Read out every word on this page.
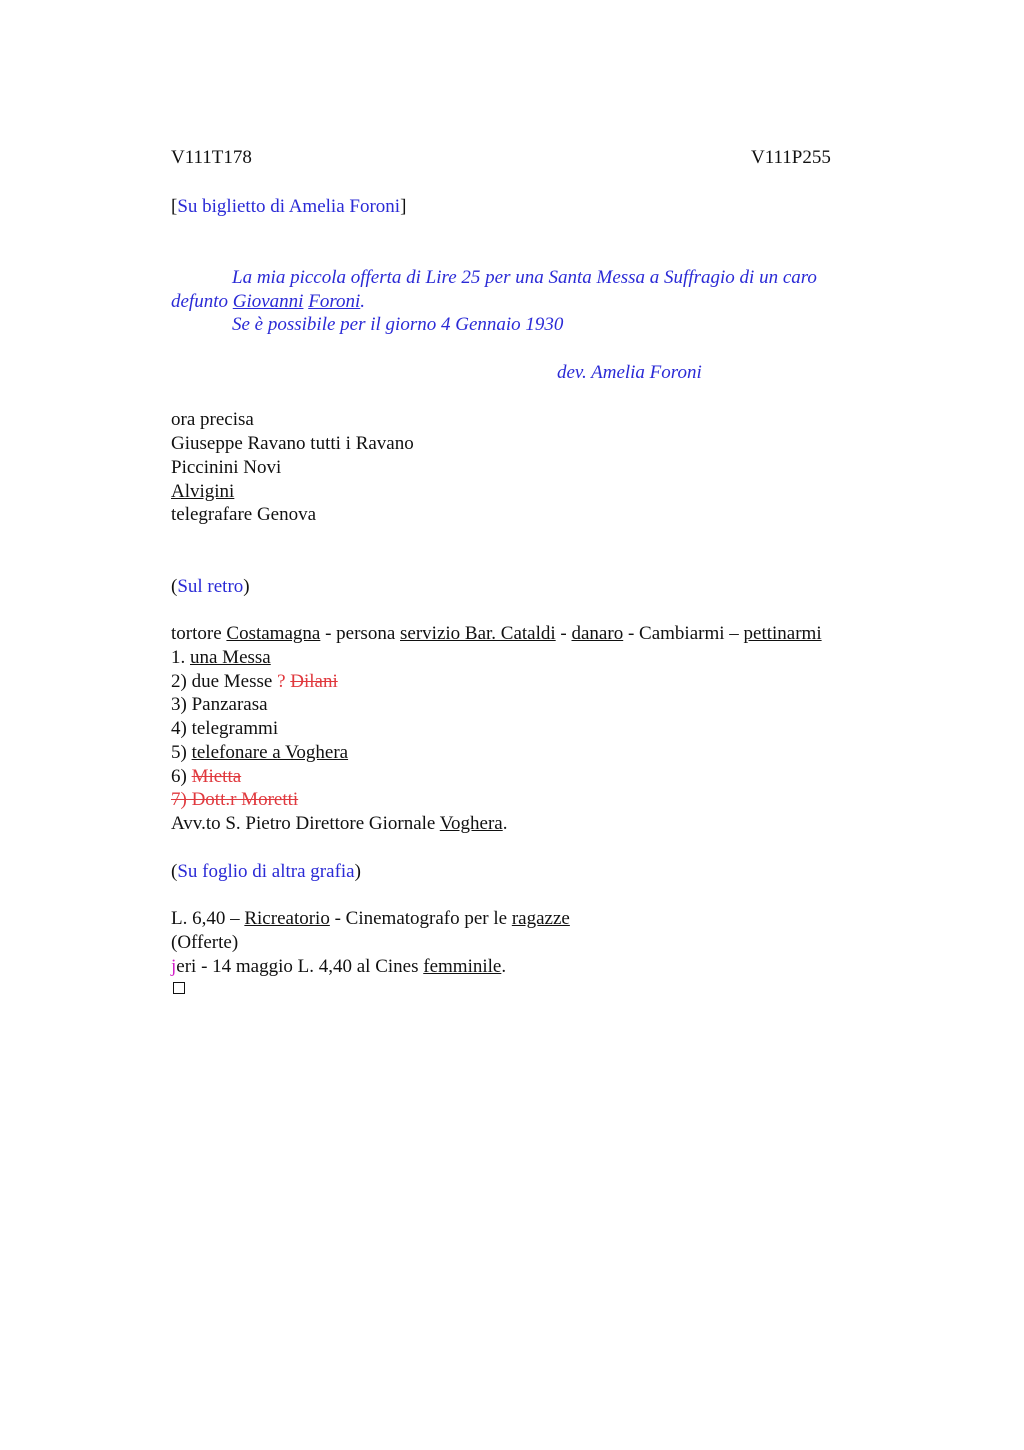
V111T178	V111P255
[Su biglietto di Amelia Foroni]
La mia piccola offerta di Lire 25 per una Santa Messa a Suffragio di un caro
defunto Giovanni Foroni.
Se è possibile per il giorno 4 Gennaio 1930
dev. Amelia Foroni
ora precisa
Giuseppe Ravano tutti i Ravano
Piccinini Novi
Alvigini
telegrafare Genova
(Sul retro)
tortore Costamagna - persona servizio Bar. Cataldi - danaro - Cambiarmi – pettinarmi
1. una Messa
2) due Messe ? Dilani
3) Panzarasa
4) telegrammi
5) telefonare a Voghera
6) Mietta
7) Dott.r Moretti
Avv.to S. Pietro Direttore Giornale Voghera.
(Su foglio di altra grafia)
L. 6,40 – Ricreatorio - Cinematografo per le ragazze
(Offerte)
jeri - 14 maggio L. 4,40 al Cines femminile.
